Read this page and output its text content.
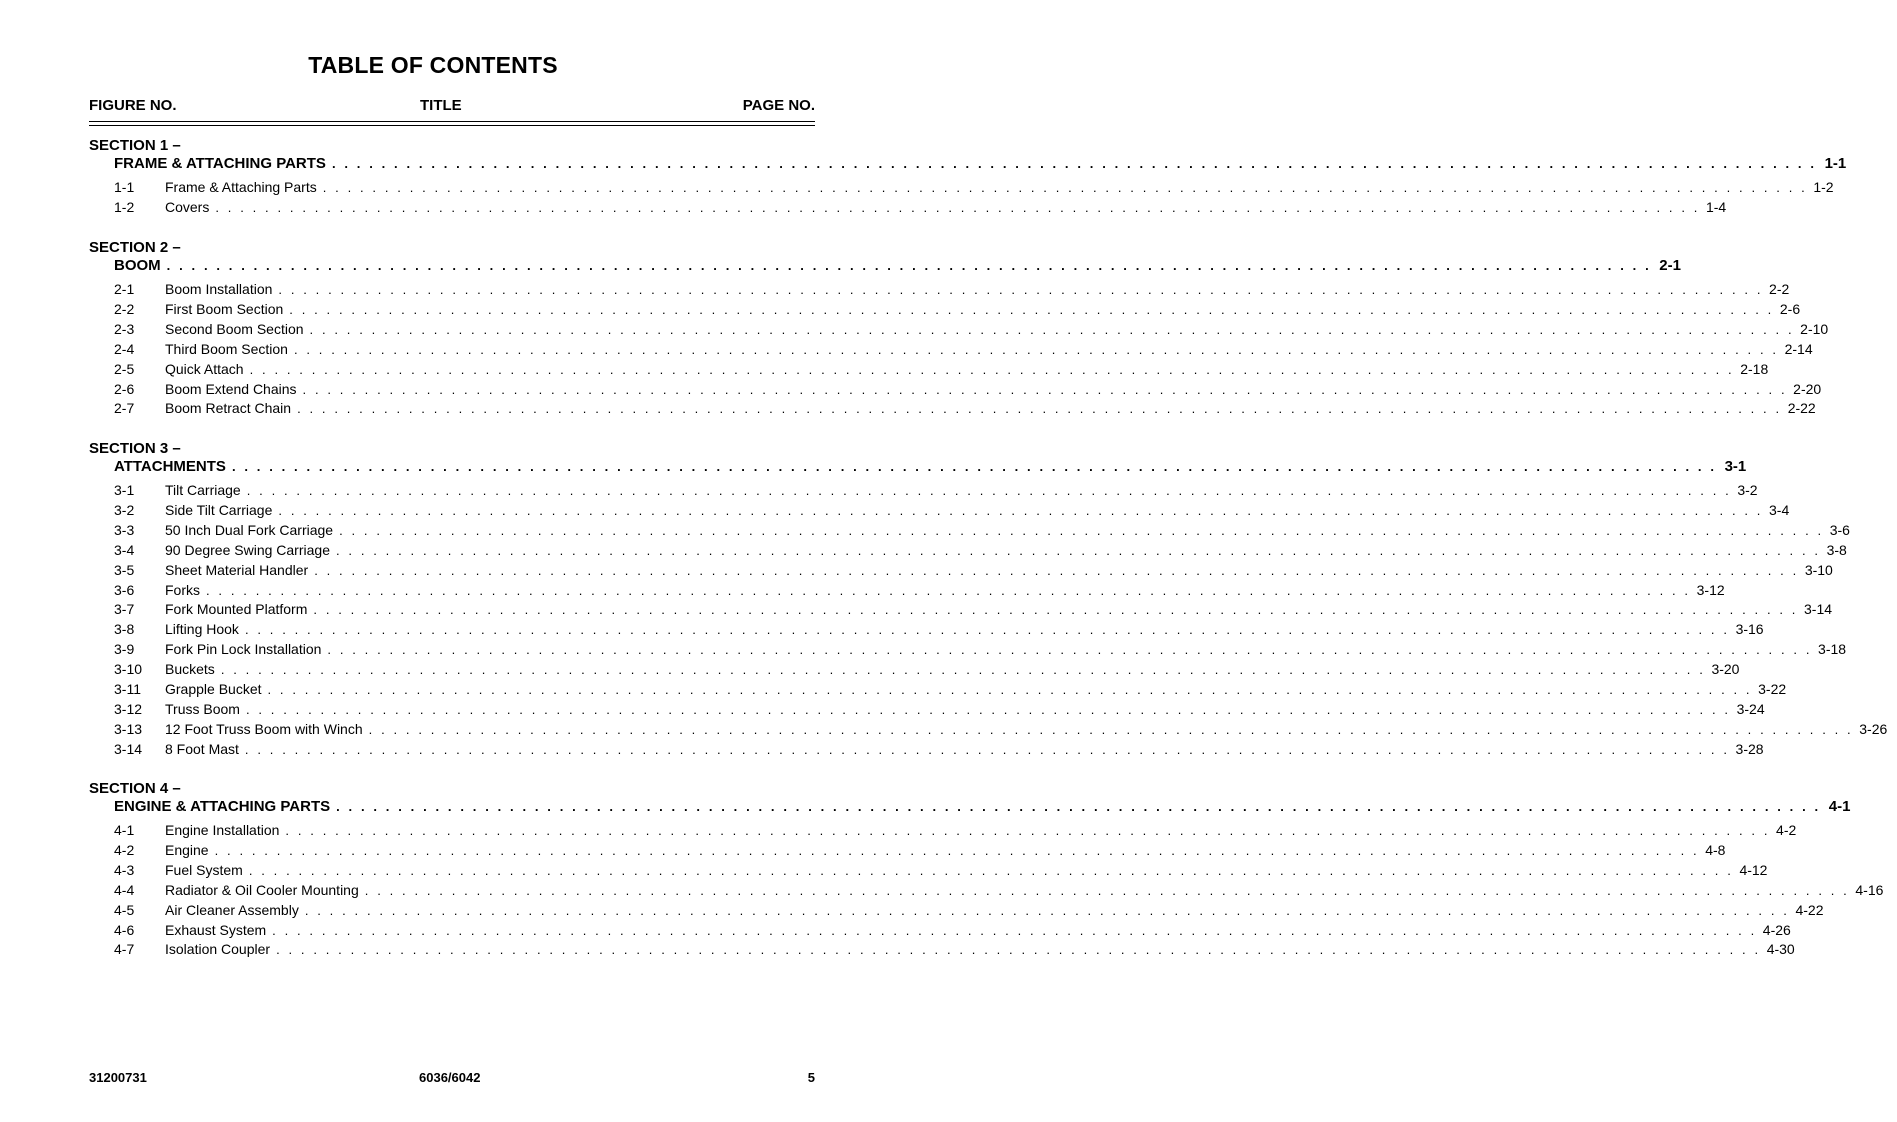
TABLE OF CONTENTS
FIGURE NO.	TITLE	PAGE NO.
SECTION 1 –
FRAME & ATTACHING PARTS . . . . . . . . . . . . . . . . . . . . . . . . . . . . . . . . . . . . . . . . . . . . . . . . . . . . . . . . . . . . . . . . . . . . . . . . . . . . . . . . . . . . . . . . . . . . . . . . . . . . . . . . . . . . . . . . . . . . . . . . 1-1
1-1	Frame & Attaching Parts . . . . . . . . . . . . . . . . . . . . . . . . . . . . . . . . . . . . . . . . . . . . . . . . . . . . . . . . . . . . . . . . . . . . . . . . . . . . . . . . . . . . . . . . . . . . . . . . . . . . . . . . . . . . . . . . . . . . . . . . 1-2
1-2	Covers . . . . . . . . . . . . . . . . . . . . . . . . . . . . . . . . . . . . . . . . . . . . . . . . . . . . . . . . . . . . . . . . . . . . . . . . . . . . . . . . . . . . . . . . . . . . . . . . . . . . . . . . . . . . . . . . . . . . . . . . 1-4
SECTION 2 –
BOOM . . . . . . . . . . . . . . . . . . . . . . . . . . . . . . . . . . . . . . . . . . . . . . . . . . . . . . . . . . . . . . . . . . . . . . . . . . . . . . . . . . . . . . . . . . . . . . . . . . . . . . . . . . . . . . . . . . . . . . . . 2-1
2-1	Boom Installation . . . . . . . . . . . . . . . . . . . . . . . . . . . . . . . . . . . . . . . . . . . . . . . . . . . . . . . . . . . . . . . . . . . . . . . . . . . . . . . . . . . . . . . . . . . . . . . . . . . . . . . . . . . . . . . . . . . . . . . . 2-2
2-2	First Boom Section . . . . . . . . . . . . . . . . . . . . . . . . . . . . . . . . . . . . . . . . . . . . . . . . . . . . . . . . . . . . . . . . . . . . . . . . . . . . . . . . . . . . . . . . . . . . . . . . . . . . . . . . . . . . . . . . . . . . . . . . 2-6
2-3	Second Boom Section . . . . . . . . . . . . . . . . . . . . . . . . . . . . . . . . . . . . . . . . . . . . . . . . . . . . . . . . . . . . . . . . . . . . . . . . . . . . . . . . . . . . . . . . . . . . . . . . . . . . . . . . . . . . . . . . . . . . . . . . 2-10
2-4	Third Boom Section . . . . . . . . . . . . . . . . . . . . . . . . . . . . . . . . . . . . . . . . . . . . . . . . . . . . . . . . . . . . . . . . . . . . . . . . . . . . . . . . . . . . . . . . . . . . . . . . . . . . . . . . . . . . . . . . . . . . . . . . 2-14
2-5	Quick Attach . . . . . . . . . . . . . . . . . . . . . . . . . . . . . . . . . . . . . . . . . . . . . . . . . . . . . . . . . . . . . . . . . . . . . . . . . . . . . . . . . . . . . . . . . . . . . . . . . . . . . . . . . . . . . . . . . . . . . . . . 2-18
2-6	Boom Extend Chains . . . . . . . . . . . . . . . . . . . . . . . . . . . . . . . . . . . . . . . . . . . . . . . . . . . . . . . . . . . . . . . . . . . . . . . . . . . . . . . . . . . . . . . . . . . . . . . . . . . . . . . . . . . . . . . . . . . . . . . . 2-20
2-7	Boom Retract Chain . . . . . . . . . . . . . . . . . . . . . . . . . . . . . . . . . . . . . . . . . . . . . . . . . . . . . . . . . . . . . . . . . . . . . . . . . . . . . . . . . . . . . . . . . . . . . . . . . . . . . . . . . . . . . . . . . . . . . . . . 2-22
SECTION 3 –
ATTACHMENTS . . . . . . . . . . . . . . . . . . . . . . . . . . . . . . . . . . . . . . . . . . . . . . . . . . . . . . . . . . . . . . . . . . . . . . . . . . . . . . . . . . . . . . . . . . . . . . . . . . . . . . . . . . . . . . . . . . . . . . . . 3-1
3-1	Tilt Carriage . . . . . . . . . . . . . . . . . . . . . . . . . . . . . . . . . . . . . . . . . . . . . . . . . . . . . . . . . . . . . . . . . . . . . . . . . . . . . . . . . . . . . . . . . . . . . . . . . . . . . . . . . . . . . . . . . . . . . . . . 3-2
3-2	Side Tilt Carriage . . . . . . . . . . . . . . . . . . . . . . . . . . . . . . . . . . . . . . . . . . . . . . . . . . . . . . . . . . . . . . . . . . . . . . . . . . . . . . . . . . . . . . . . . . . . . . . . . . . . . . . . . . . . . . . . . . . . . . . . 3-4
3-3	50 Inch Dual Fork Carriage . . . . . . . . . . . . . . . . . . . . . . . . . . . . . . . . . . . . . . . . . . . . . . . . . . . . . . . . . . . . . . . . . . . . . . . . . . . . . . . . . . . . . . . . . . . . . . . . . . . . . . . . . . . . . . . . . . . . . . . . 3-6
3-4	90 Degree Swing Carriage . . . . . . . . . . . . . . . . . . . . . . . . . . . . . . . . . . . . . . . . . . . . . . . . . . . . . . . . . . . . . . . . . . . . . . . . . . . . . . . . . . . . . . . . . . . . . . . . . . . . . . . . . . . . . . . . . . . . . . . . 3-8
3-5	Sheet Material Handler . . . . . . . . . . . . . . . . . . . . . . . . . . . . . . . . . . . . . . . . . . . . . . . . . . . . . . . . . . . . . . . . . . . . . . . . . . . . . . . . . . . . . . . . . . . . . . . . . . . . . . . . . . . . . . . . . . . . . . . . 3-10
3-6	Forks . . . . . . . . . . . . . . . . . . . . . . . . . . . . . . . . . . . . . . . . . . . . . . . . . . . . . . . . . . . . . . . . . . . . . . . . . . . . . . . . . . . . . . . . . . . . . . . . . . . . . . . . . . . . . . . . . . . . . . . . 3-12
3-7	Fork Mounted Platform . . . . . . . . . . . . . . . . . . . . . . . . . . . . . . . . . . . . . . . . . . . . . . . . . . . . . . . . . . . . . . . . . . . . . . . . . . . . . . . . . . . . . . . . . . . . . . . . . . . . . . . . . . . . . . . . . . . . . . . . 3-14
3-8	Lifting Hook . . . . . . . . . . . . . . . . . . . . . . . . . . . . . . . . . . . . . . . . . . . . . . . . . . . . . . . . . . . . . . . . . . . . . . . . . . . . . . . . . . . . . . . . . . . . . . . . . . . . . . . . . . . . . . . . . . . . . . . . 3-16
3-9	Fork Pin Lock Installation . . . . . . . . . . . . . . . . . . . . . . . . . . . . . . . . . . . . . . . . . . . . . . . . . . . . . . . . . . . . . . . . . . . . . . . . . . . . . . . . . . . . . . . . . . . . . . . . . . . . . . . . . . . . . . . . . . . . . . . . 3-18
3-10	Buckets . . . . . . . . . . . . . . . . . . . . . . . . . . . . . . . . . . . . . . . . . . . . . . . . . . . . . . . . . . . . . . . . . . . . . . . . . . . . . . . . . . . . . . . . . . . . . . . . . . . . . . . . . . . . . . . . . . . . . . . . 3-20
3-11	Grapple Bucket . . . . . . . . . . . . . . . . . . . . . . . . . . . . . . . . . . . . . . . . . . . . . . . . . . . . . . . . . . . . . . . . . . . . . . . . . . . . . . . . . . . . . . . . . . . . . . . . . . . . . . . . . . . . . . . . . . . . . . . . 3-22
3-12	Truss Boom . . . . . . . . . . . . . . . . . . . . . . . . . . . . . . . . . . . . . . . . . . . . . . . . . . . . . . . . . . . . . . . . . . . . . . . . . . . . . . . . . . . . . . . . . . . . . . . . . . . . . . . . . . . . . . . . . . . . . . . . 3-24
3-13	12 Foot Truss Boom with Winch . . . . . . . . . . . . . . . . . . . . . . . . . . . . . . . . . . . . . . . . . . . . . . . . . . . . . . . . . . . . . . . . . . . . . . . . . . . . . . . . . . . . . . . . . . . . . . . . . . . . . . . . . . . . . . . . . . . . . . . . 3-26
3-14	8 Foot Mast . . . . . . . . . . . . . . . . . . . . . . . . . . . . . . . . . . . . . . . . . . . . . . . . . . . . . . . . . . . . . . . . . . . . . . . . . . . . . . . . . . . . . . . . . . . . . . . . . . . . . . . . . . . . . . . . . . . . . . . . 3-28
SECTION 4 –
ENGINE & ATTACHING PARTS . . . . . . . . . . . . . . . . . . . . . . . . . . . . . . . . . . . . . . . . . . . . . . . . . . . . . . . . . . . . . . . . . . . . . . . . . . . . . . . . . . . . . . . . . . . . . . . . . . . . . . . . . . . . . . . . . . . . . . . . 4-1
4-1	Engine Installation . . . . . . . . . . . . . . . . . . . . . . . . . . . . . . . . . . . . . . . . . . . . . . . . . . . . . . . . . . . . . . . . . . . . . . . . . . . . . . . . . . . . . . . . . . . . . . . . . . . . . . . . . . . . . . . . . . . . . . . . 4-2
4-2	Engine . . . . . . . . . . . . . . . . . . . . . . . . . . . . . . . . . . . . . . . . . . . . . . . . . . . . . . . . . . . . . . . . . . . . . . . . . . . . . . . . . . . . . . . . . . . . . . . . . . . . . . . . . . . . . . . . . . . . . . . . 4-8
4-3	Fuel System . . . . . . . . . . . . . . . . . . . . . . . . . . . . . . . . . . . . . . . . . . . . . . . . . . . . . . . . . . . . . . . . . . . . . . . . . . . . . . . . . . . . . . . . . . . . . . . . . . . . . . . . . . . . . . . . . . . . . . . . 4-12
4-4	Radiator & Oil Cooler Mounting . . . . . . . . . . . . . . . . . . . . . . . . . . . . . . . . . . . . . . . . . . . . . . . . . . . . . . . . . . . . . . . . . . . . . . . . . . . . . . . . . . . . . . . . . . . . . . . . . . . . . . . . . . . . . . . . . . . . . . . . 4-16
4-5	Air Cleaner Assembly . . . . . . . . . . . . . . . . . . . . . . . . . . . . . . . . . . . . . . . . . . . . . . . . . . . . . . . . . . . . . . . . . . . . . . . . . . . . . . . . . . . . . . . . . . . . . . . . . . . . . . . . . . . . . . . . . . . . . . . . 4-22
4-6	Exhaust System . . . . . . . . . . . . . . . . . . . . . . . . . . . . . . . . . . . . . . . . . . . . . . . . . . . . . . . . . . . . . . . . . . . . . . . . . . . . . . . . . . . . . . . . . . . . . . . . . . . . . . . . . . . . . . . . . . . . . . . . 4-26
4-7	Isolation Coupler . . . . . . . . . . . . . . . . . . . . . . . . . . . . . . . . . . . . . . . . . . . . . . . . . . . . . . . . . . . . . . . . . . . . . . . . . . . . . . . . . . . . . . . . . . . . . . . . . . . . . . . . . . . . . . . . . . . . . . . . 4-30
31200731	6036/6042	5
